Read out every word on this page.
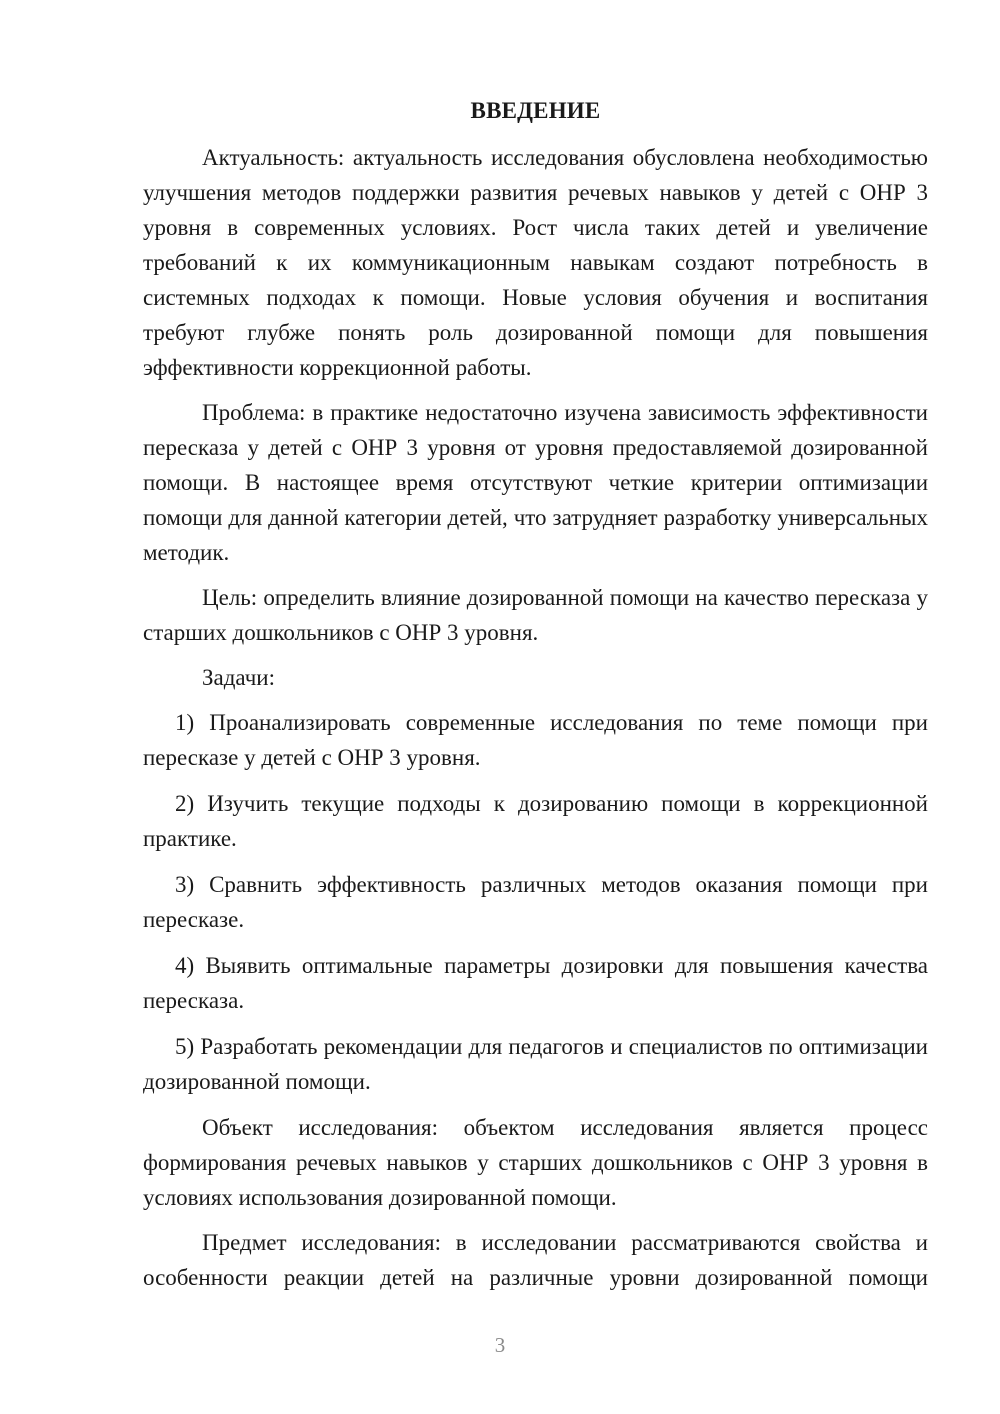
ВВЕДЕНИЕ

Актуальность: актуальность исследования обусловлена необходимостью улучшения методов поддержки развития речевых навыков у детей с ОНР 3 уровня в современных условиях. Рост числа таких детей и увеличение требований к их коммуникационным навыкам создают потребность в системных подходах к помощи. Новые условия обучения и воспитания требуют глубже понять роль дозированной помощи для повышения эффективности коррекционной работы.

Проблема: в практике недостаточно изучена зависимость эффективности пересказа у детей с ОНР 3 уровня от уровня предоставляемой дозированной помощи. В настоящее время отсутствуют четкие критерии оптимизации помощи для данной категории детей, что затрудняет разработку универсальных методик.

Цель: определить влияние дозированной помощи на качество пересказа у старших дошкольников с ОНР 3 уровня.

Задачи:

1) Проанализировать современные исследования по теме помощи при пересказе у детей с ОНР 3 уровня.

2) Изучить текущие подходы к дозированию помощи в коррекционной практике.

3) Сравнить эффективность различных методов оказания помощи при пересказе.

4) Выявить оптимальные параметры дозировки для повышения качества пересказа.

5) Разработать рекомендации для педагогов и специалистов по оптимизации дозированной помощи.

Объект исследования: объектом исследования является процесс формирования речевых навыков у старших дошкольников с ОНР 3 уровня в условиях использования дозированной помощи.

Предмет исследования: в исследовании рассматриваются свойства и особенности реакции детей на различные уровни дозированной помощи

3
